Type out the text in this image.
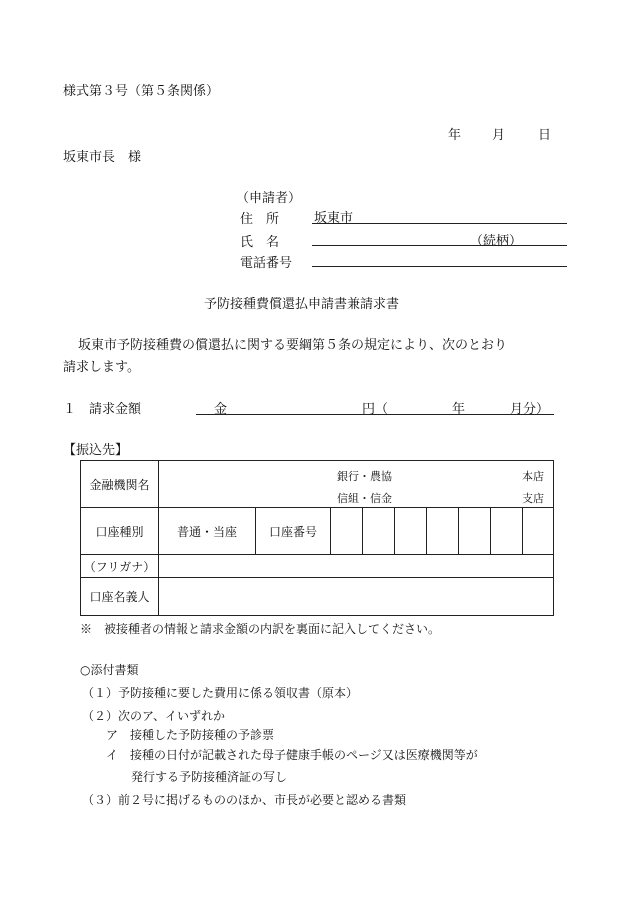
様式第３号（第５条関係）
年 月	日
坂東市長　様
（申請者）
住　所	坂東市
氏　名	（続柄）
電話番号
予防接種費償還払申請書兼請求書
坂東市予防接種費の償還払に関する要綱第５条の規定により、次のとおり
請求します。
１　請求金額	金	円（	年	月分）
【振込先】
金融機関名	銀行・農協
信組・信金
本店
支店								

口座種別	普通・当座	口座番号							
（フリガナ）									
口座名義人									
※　被接種者の情報と請求金額の内訳を裏面に記入してください。
○添付書類
（１）予防接種に要した費用に係る領収書（原本）
（２）次のア、イいずれか
ア　接種した予防接種の予診票
イ　接種の日付が記載された母子健康手帳のページ又は医療機関等が
発行する予防接種済証の写し
（３）前２号に掲げるもののほか、市長が必要と認める書類
